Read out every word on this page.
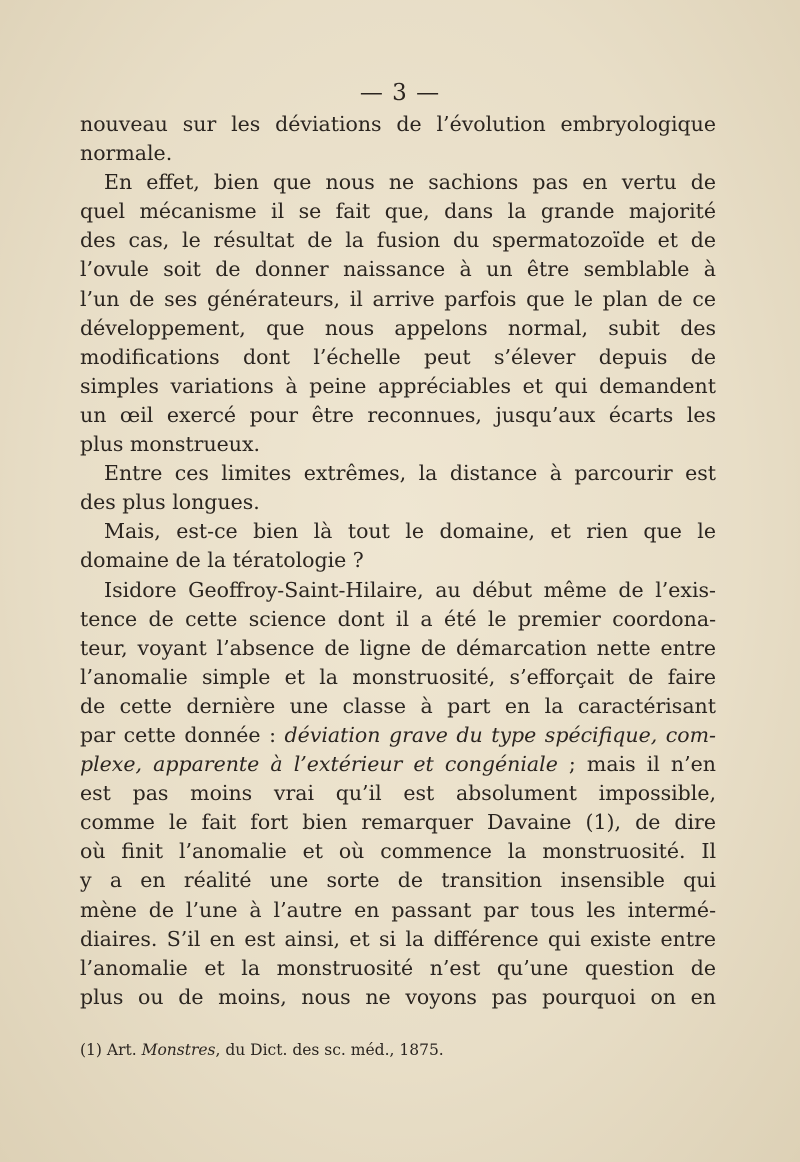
— 3 —

nouveau sur les déviations de l’évolution embryologique
normale.

En effet, bien que nous ne sachions pas en vertu de
quel mécanisme il se fait que, dans la grande majorité
des cas, le résultat de la fusion du spermatozoïde et de
l’ovule soit de donner naissance à un être semblable à
l’un de ses générateurs, il arrive parfois que le plan de ce
développement, que nous appelons normal, subit des
modifications dont l’échelle peut s’élever depuis de
simples variations à peine appréciables et qui demandent
un œil exercé pour être reconnues, jusqu’aux écarts les
plus monstrueux.

Entre ces limites extrêmes, la distance à parcourir est
des plus longues.

Mais, est-ce bien là tout le domaine, et rien que le
domaine de la tératologie ?

Isidore Geoffroy-Saint-Hilaire, au début même de l’exis-
tence de cette science dont il a été le premier coordona-
teur, voyant l’absence de ligne de démarcation nette entre
l’anomalie simple et la monstruosité, s’efforçait de faire
de cette dernière une classe à part en la caractérisant
par cette donnée : déviation grave du type spécifique, com-
plexe, apparente à l’extérieur et congéniale ; mais il n’en
est pas moins vrai qu’il est absolument impossible,
comme le fait fort bien remarquer Davaine (1), de dire
où finit l’anomalie et où commence la monstruosité. Il
y a en réalité une sorte de transition insensible qui
mène de l’une à l’autre en passant par tous les intermé-
diaires. S’il en est ainsi, et si la différence qui existe entre
l’anomalie et la monstruosité n’est qu’une question de
plus ou de moins, nous ne voyons pas pourquoi on en

(1) Art. Monstres, du Dict. des sc. méd., 1875.
